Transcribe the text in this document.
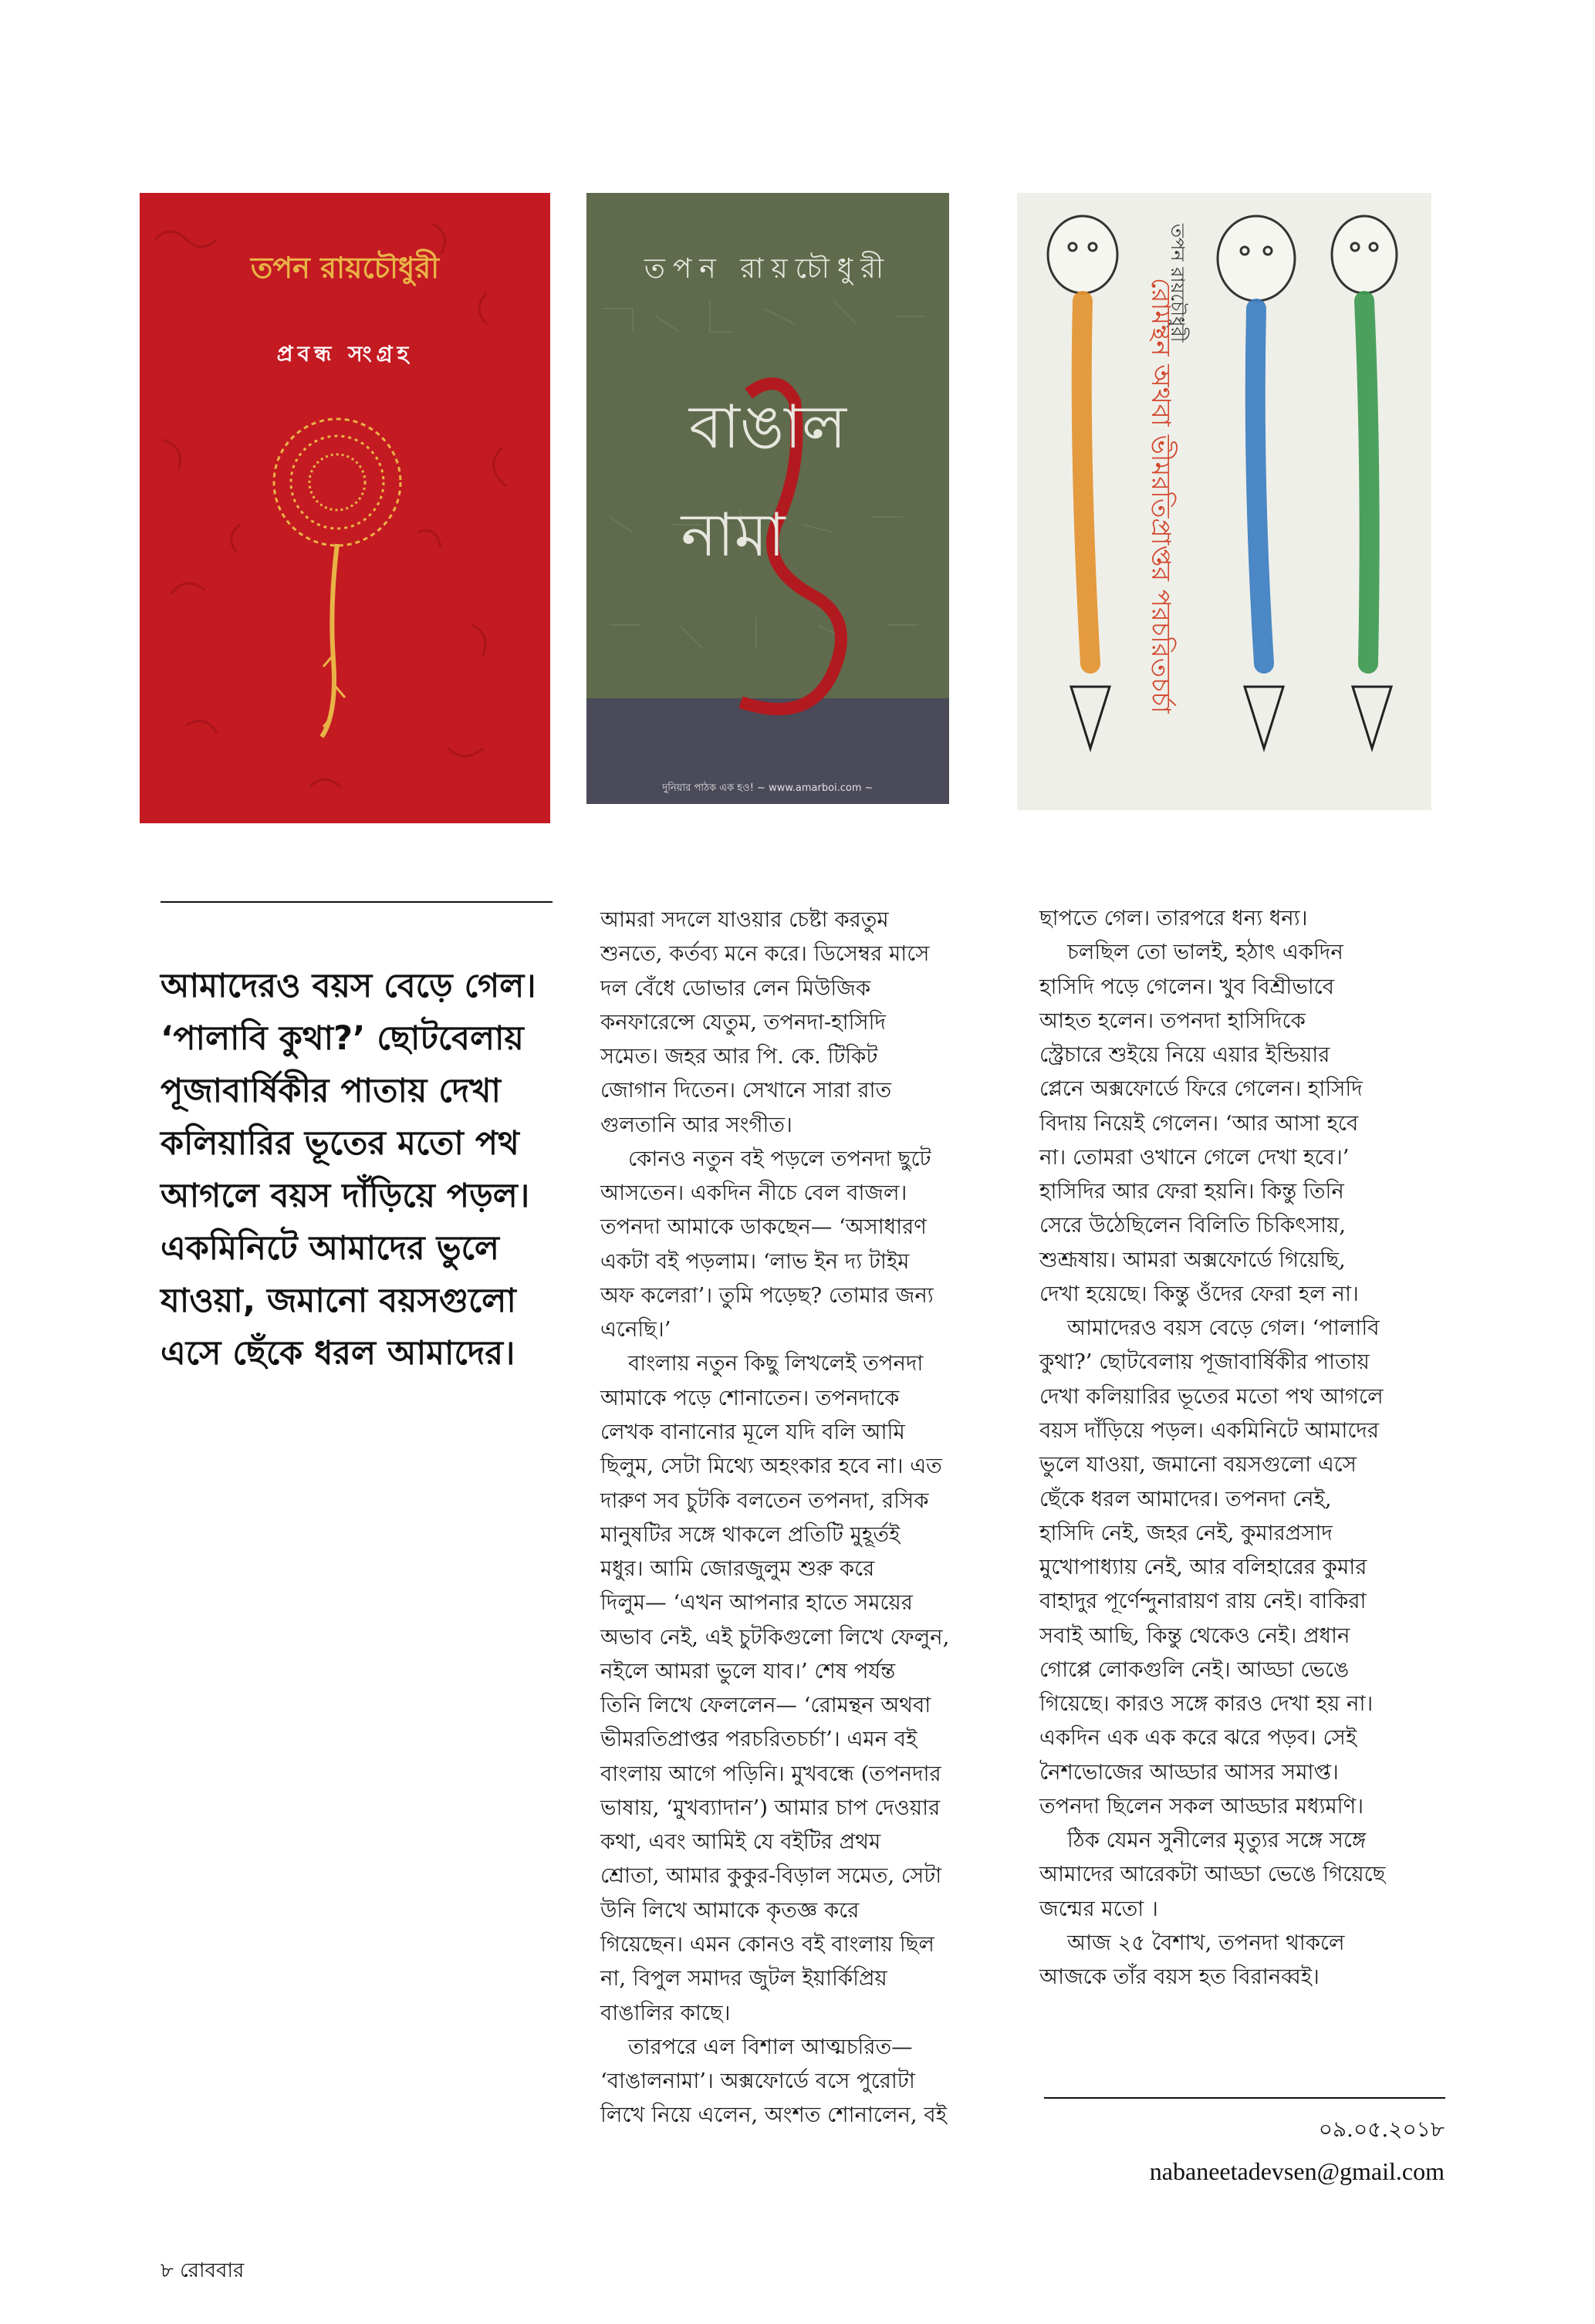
তপন রায়চৌধুরী
প্রবন্ধ সংগ্রহ
তপন রায়চৌধুরী
বাঙাল
নামা
দুনিয়ার পাঠক এক হও! ~ www.amarboi.com ~
তপন রায়চৌধুরী
রোমন্থন অথবা ভীমরতিপ্রাপ্তর পরচরিতচর্চা
আমাদেরও বয়স বেড়ে গেল।
‘পালাবি কুথা?’ ছোটবেলায়
পূজাবার্ষিকীর পাতায় দেখা
কলিয়ারির ভূতের মতো পথ
আগলে বয়স দাঁড়িয়ে পড়ল।
একমিনিটে আমাদের ভুলে
যাওয়া, জমানো বয়সগুলো
এসে ছেঁকে ধরল আমাদের।

আমরা সদলে যাওয়ার চেষ্টা করতুম
শুনতে, কর্তব্য মনে করে। ডিসেম্বর মাসে
দল বেঁধে ডোভার লেন মিউজিক
কনফারেন্সে যেতুম, তপনদা-হাসিদি
সমেত। জহর আর পি. কে. টিকিট
জোগান দিতেন। সেখানে সারা রাত
গুলতানি আর সংগীত।

কোনও নতুন বই পড়লে তপনদা ছুটে
আসতেন। একদিন নীচে বেল বাজল।
তপনদা আমাকে ডাকছেন— ‘অসাধারণ
একটা বই পড়লাম। ‘লাভ ইন দ্য টাইম
অফ কলেরা’। তুমি পড়েছ? তোমার জন্য
এনেছি।’

বাংলায় নতুন কিছু লিখলেই তপনদা
আমাকে পড়ে শোনাতেন। তপনদাকে
লেখক বানানোর মূলে যদি বলি আমি
ছিলুম, সেটা মিথ্যে অহংকার হবে না। এত
দারুণ সব চুটকি বলতেন তপনদা, রসিক
মানুষটির সঙ্গে থাকলে প্রতিটি মুহূর্তই
মধুর। আমি জোরজুলুম শুরু করে
দিলুম— ‘এখন আপনার হাতে সময়ের
অভাব নেই, এই চুটকিগুলো লিখে ফেলুন,
নইলে আমরা ভুলে যাব।’ শেষ পর্যন্ত
তিনি লিখে ফেললেন— ‘রোমন্থন অথবা
ভীমরতিপ্রাপ্তর পরচরিতচর্চা’। এমন বই
বাংলায় আগে পড়িনি। মুখবন্ধে (তপনদার
ভাষায়, ‘মুখব্যাদান’) আমার চাপ দেওয়ার
কথা, এবং আমিই যে বইটির প্রথম
শ্রোতা, আমার কুকুর-বিড়াল সমেত, সেটা
উনি লিখে আমাকে কৃতজ্ঞ করে
গিয়েছেন। এমন কোনও বই বাংলায় ছিল
না, বিপুল সমাদর জুটল ইয়ার্কিপ্রিয়
বাঙালির কাছে।

তারপরে এল বিশাল আত্মচরিত—
‘বাঙালনামা’। অক্সফোর্ডে বসে পুরোটা
লিখে নিয়ে এলেন, অংশত শোনালেন, বই

ছাপতে গেল। তারপরে ধন্য ধন্য।

চলছিল তো ভালই, হঠাৎ একদিন
হাসিদি পড়ে গেলেন। খুব বিশ্রীভাবে
আহত হলেন। তপনদা হাসিদিকে
স্ট্রেচারে শুইয়ে নিয়ে এয়ার ইন্ডিয়ার
প্লেনে অক্সফোর্ডে ফিরে গেলেন। হাসিদি
বিদায় নিয়েই গেলেন। ‘আর আসা হবে
না। তোমরা ওখানে গেলে দেখা হবে।’
হাসিদির আর ফেরা হয়নি। কিন্তু তিনি
সেরে উঠেছিলেন বিলিতি চিকিৎসায়,
শুশ্রূষায়। আমরা অক্সফোর্ডে গিয়েছি,
দেখা হয়েছে। কিন্তু ওঁদের ফেরা হল না।

আমাদেরও বয়স বেড়ে গেল। ‘পালাবি
কুথা?’ ছোটবেলায় পূজাবার্ষিকীর পাতায়
দেখা কলিয়ারির ভূতের মতো পথ আগলে
বয়স দাঁড়িয়ে পড়ল। একমিনিটে আমাদের
ভুলে যাওয়া, জমানো বয়সগুলো এসে
ছেঁকে ধরল আমাদের। তপনদা নেই,
হাসিদি নেই, জহর নেই, কুমারপ্রসাদ
মুখোপাধ্যায় নেই, আর বলিহারের কুমার
বাহাদুর পূর্ণেন্দুনারায়ণ রায় নেই। বাকিরা
সবাই আছি, কিন্তু থেকেও নেই। প্রধান
গোপ্পে লোকগুলি নেই। আড্ডা ভেঙে
গিয়েছে। কারও সঙ্গে কারও দেখা হয় না।
একদিন এক এক করে ঝরে পড়ব। সেই
নৈশভোজের আড্ডার আসর সমাপ্ত।
তপনদা ছিলেন সকল আড্ডার মধ্যমণি।

ঠিক যেমন সুনীলের মৃত্যুর সঙ্গে সঙ্গে
আমাদের আরেকটা আড্ডা ভেঙে গিয়েছে
জন্মের মতো ।

আজ ২৫ বৈশাখ, তপনদা থাকলে
আজকে তাঁর বয়স হত বিরানব্বই।

০৯.০৫.২০১৮
nabaneetadevsen@gmail.com
৮ রোববার
